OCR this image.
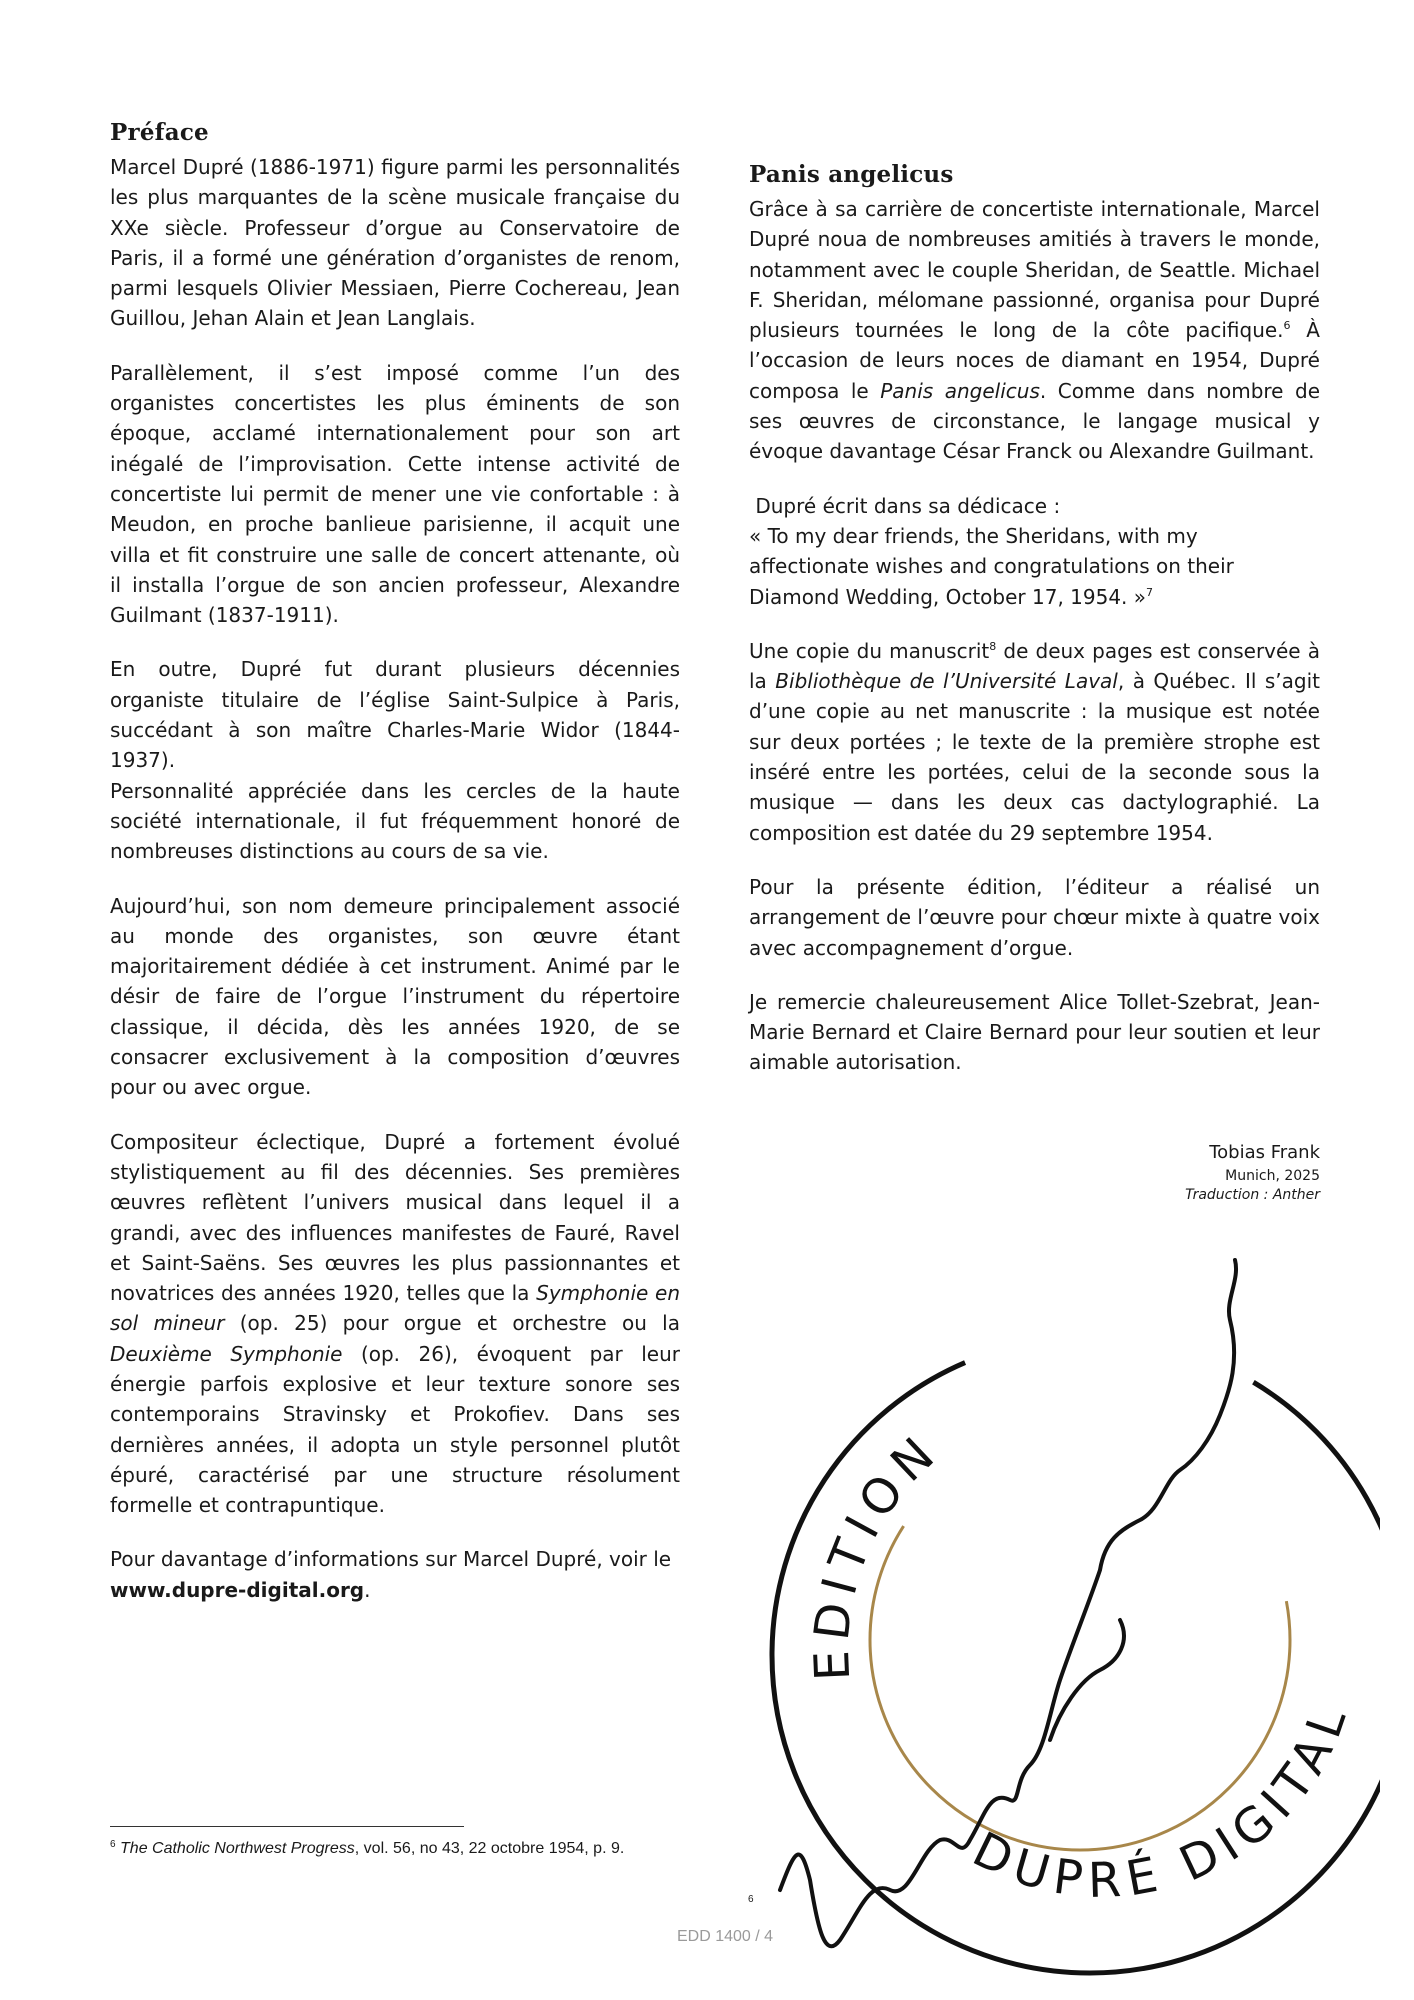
Préface

Marcel Dupré (1886-1971) figure parmi les personnalités les plus marquantes de la scène musicale française du XXe siècle. Professeur d’orgue au Conservatoire de Paris, il a formé une génération d’organistes de renom, parmi lesquels Olivier Messiaen, Pierre Cochereau, Jean Guillou, Jehan Alain et Jean Langlais.

Parallèlement, il s’est imposé comme l’un des organistes concertistes les plus éminents de son époque, acclamé internationalement pour son art inégalé de l’improvisation. Cette intense activité de concertiste lui permit de mener une vie confortable : à Meudon, en proche banlieue parisienne, il acquit une villa et fit construire une salle de concert attenante, où il installa l’orgue de son ancien professeur, Alexandre Guilmant (1837-1911).

En outre, Dupré fut durant plusieurs décennies organiste titulaire de l’église Saint-Sulpice à Paris, succédant à son maître Charles-Marie Widor (1844-1937).

Personnalité appréciée dans les cercles de la haute société internationale, il fut fréquemment honoré de nombreuses distinctions au cours de sa vie.

Aujourd’hui, son nom demeure principalement associé au monde des organistes, son œuvre étant majoritairement dédiée à cet instrument. Animé par le désir de faire de l’orgue l’instrument du répertoire classique, il décida, dès les années 1920, de se consacrer exclusivement à la composition d’œuvres pour ou avec orgue.

Compositeur éclectique, Dupré a fortement évolué stylistiquement au fil des décennies. Ses premières œuvres reflètent l’univers musical dans lequel il a grandi, avec des influences manifestes de Fauré, Ravel et Saint-Saëns. Ses œuvres les plus passionnantes et novatrices des années 1920, telles que la Symphonie en sol mineur (op. 25) pour orgue et orchestre ou la Deuxième Symphonie (op. 26), évoquent par leur énergie parfois explosive et leur texture sonore ses contemporains Stravinsky et Prokofiev. Dans ses dernières années, il adopta un style personnel plutôt épuré, caractérisé par une structure résolument formelle et contrapuntique.

Pour davantage d’informations sur Marcel Dupré, voir le
www.dupre-digital.org.

Panis angelicus

Grâce à sa carrière de concertiste internationale, Marcel Dupré noua de nombreuses amitiés à travers le monde, notamment avec le couple Sheridan, de Seattle. Michael F. Sheridan, mélomane passionné, organisa pour Dupré plusieurs tournées le long de la côte pacifique.$^6$ À l’occasion de leurs noces de diamant en 1954, Dupré composa le Panis angelicus. Comme dans nombre de ses œuvres de circonstance, le langage musical y évoque davantage César Franck ou Alexandre Guilmant.

Dupré écrit dans sa dédicace :
« To my dear friends, the Sheridans, with my affectionate wishes and congratulations on their Diamond Wedding, October 17, 1954. »$^7$

Une copie du manuscrit$^8$ de deux pages est conservée à la Bibliothèque de l’Université Laval, à Québec. Il s’agit d’une copie au net manuscrite : la musique est notée sur deux portées ; le texte de la première strophe est inséré entre les portées, celui de la seconde sous la musique — dans les deux cas dactylographié. La composition est datée du 29 septembre 1954.

Pour la présente édition, l’éditeur a réalisé un arrangement de l’œuvre pour chœur mixte à quatre voix avec accompagnement d’orgue.

Je remercie chaleureusement Alice Tollet-Szebrat, Jean-Marie Bernard et Claire Bernard pour leur soutien et leur aimable autorisation.

Tobias Frank
Munich, 2025
Traduction : Anther
EDITION
DUPRÉ DIGITAL
$^6$ The Catholic Northwest Progress, vol. 56, no 43, 22 octobre 1954, p. 9.
6
EDD 1400 / 4
